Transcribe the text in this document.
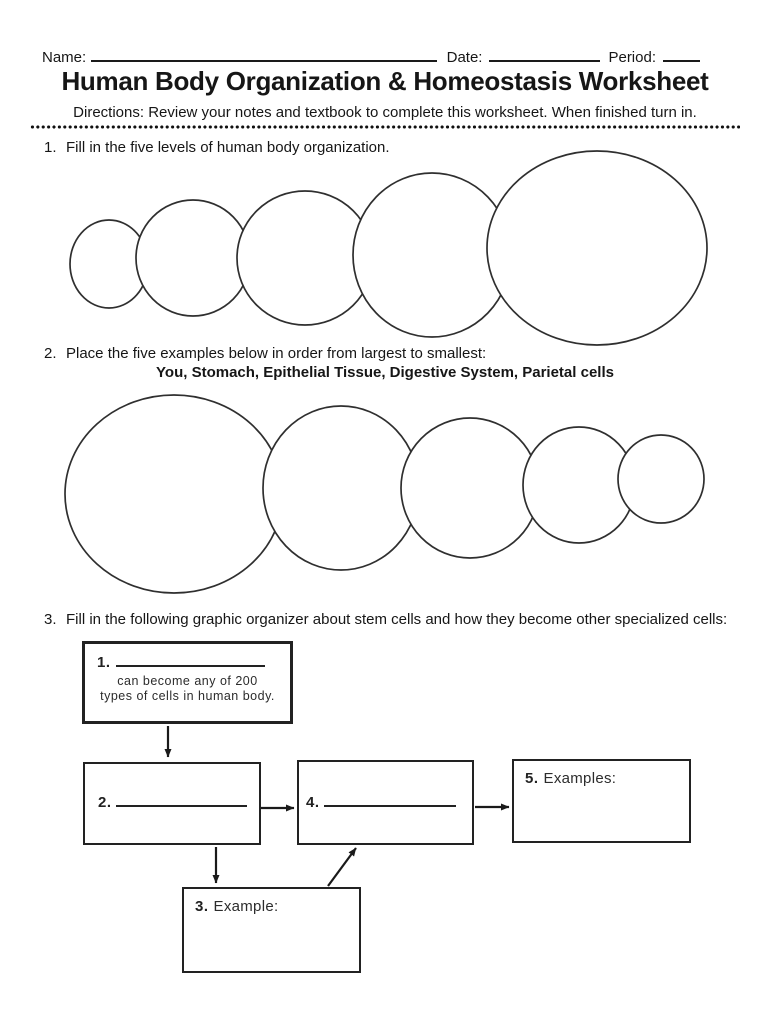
Name:	Date:	Period:
Human Body Organization & Homeostasis Worksheet
Directions: Review your notes and textbook to complete this worksheet. When finished turn in.
1. Fill in the five levels of human body organization.
2. Place the five examples below in order from largest to smallest:
You, Stomach, Epithelial Tissue, Digestive System, Parietal cells
3. Fill in the following graphic organizer about stem cells and how they become other specialized cells:
1.
can become any of 200
types of cells in human body.
2.	4.
5. Examples:
3. Example:
